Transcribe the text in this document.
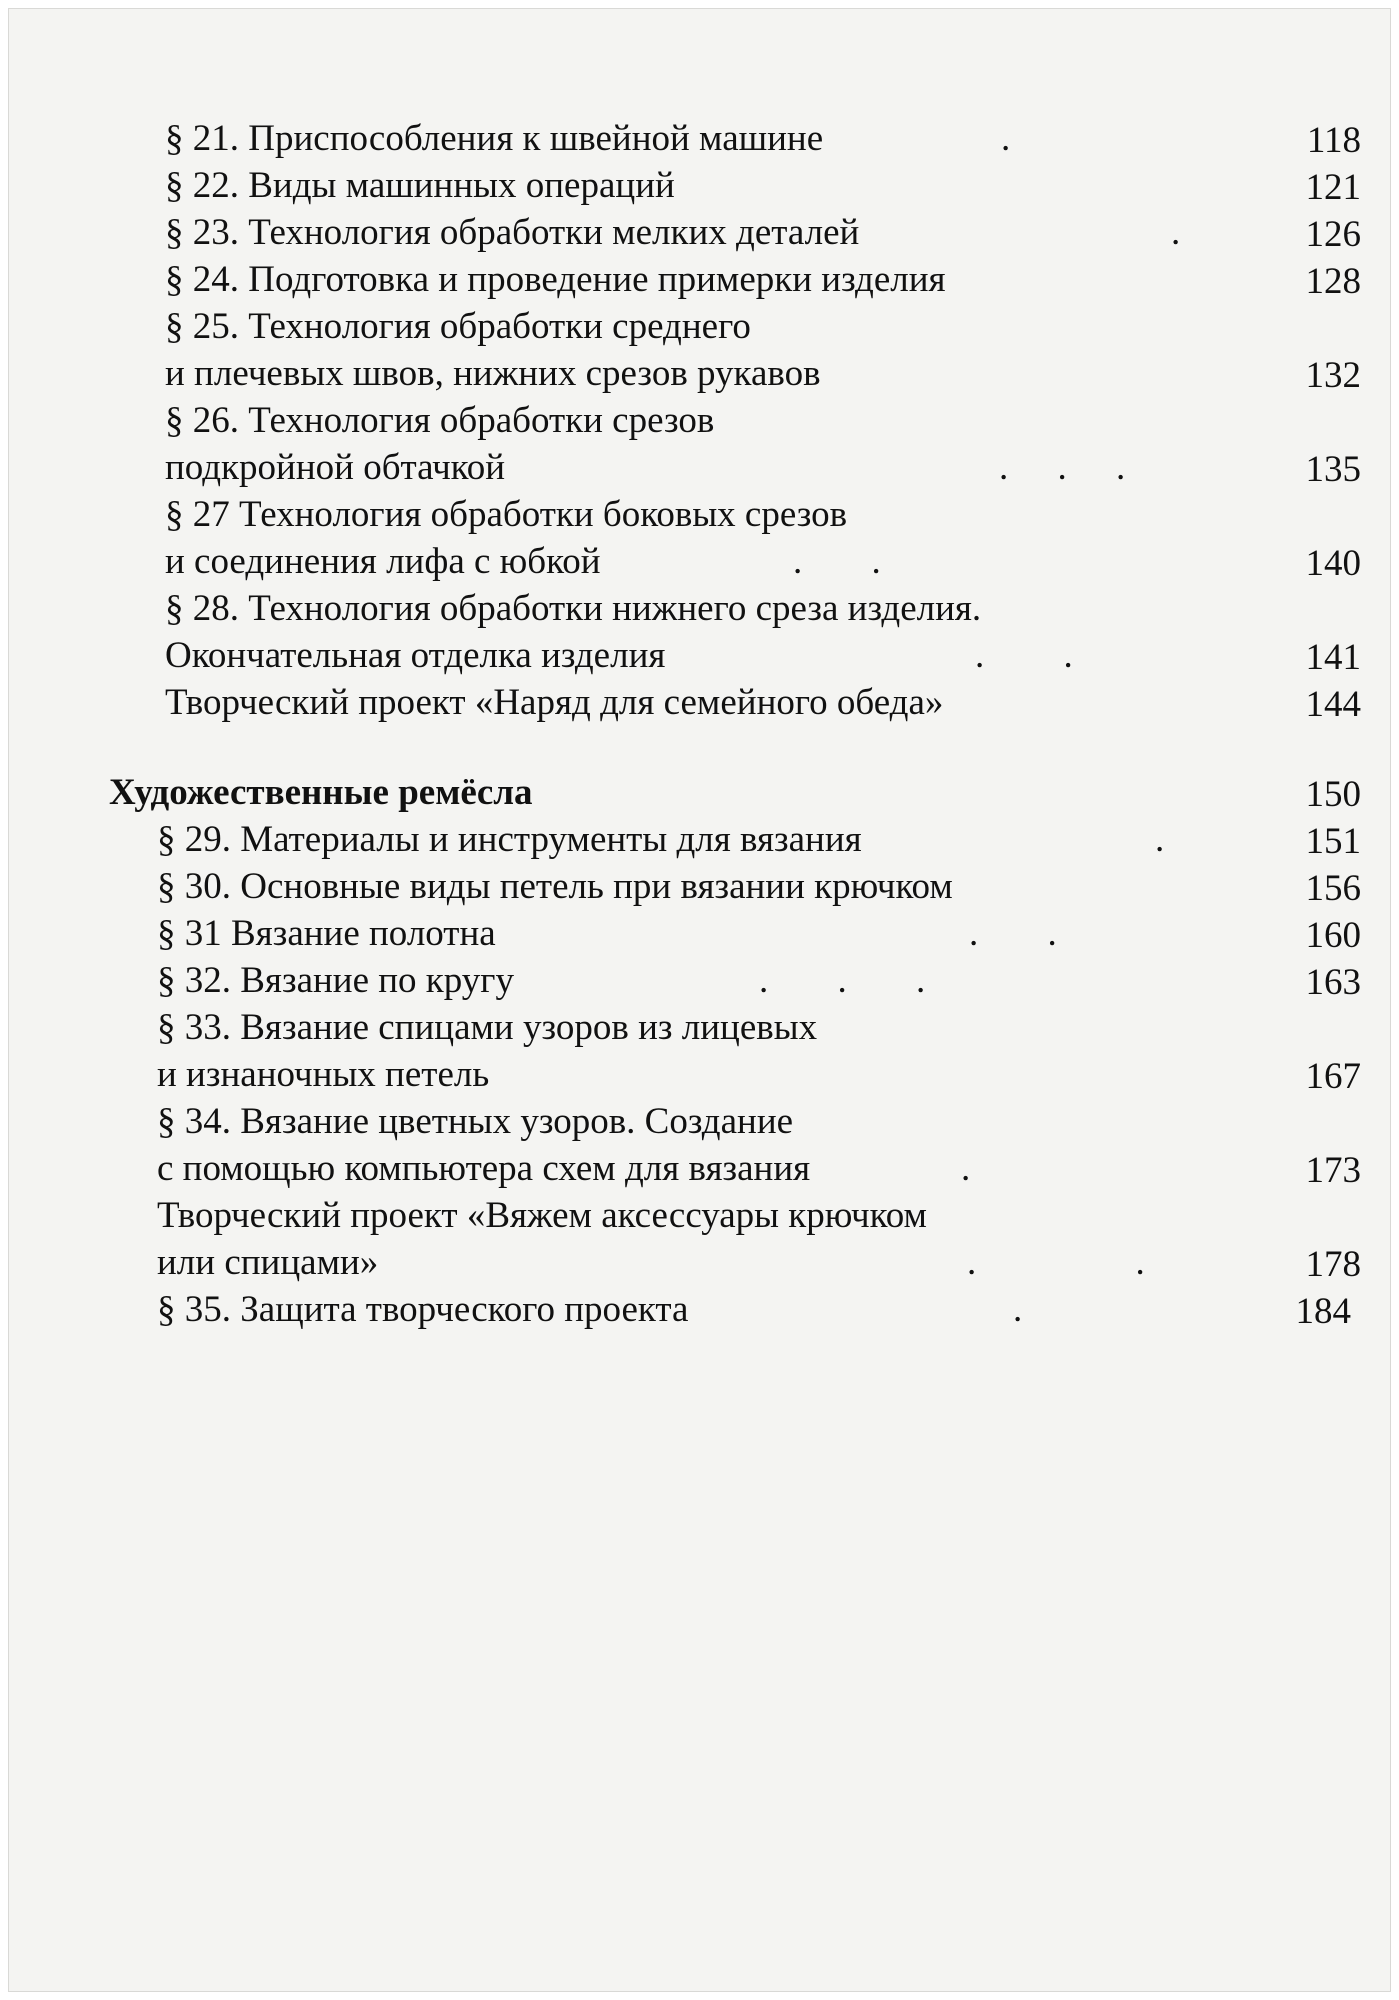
§ 21. Приспособления к швейной машине	.	118
§ 22. Виды машинных операций	121
§ 23. Технология обработки мелких деталей	.	126
§ 24. Подготовка и проведение примерки изделия	128
§ 25. Технология обработки среднего
и плечевых швов, нижних срезов рукавов	132
§ 26. Технология обработки срезов
подкройной обтачкой	. . .	135
§ 27 Технология обработки боковых срезов
и соединения лифа с юбкой	. .	140
§ 28. Технология обработки нижнего среза изделия.
Окончательная отделка изделия	. .	141
Творческий проект «Наряд для семейного обеда»	144
Художественные ремёсла	150
§ 29. Материалы и инструменты для вязания	.	151
§ 30. Основные виды петель при вязании крючком	156
§ 31 Вязание полотна	. .	160
§ 32. Вязание по кругу	. . .	163
§ 33. Вязание спицами узоров из лицевых
и изнаночных петель	167
§ 34. Вязание цветных узоров. Создание
с помощью компьютера схем для вязания	.	173
Творческий проект «Вяжем аксессуары крючком
или спицами»	. .	178
§ 35. Защита творческого проекта	.	184
